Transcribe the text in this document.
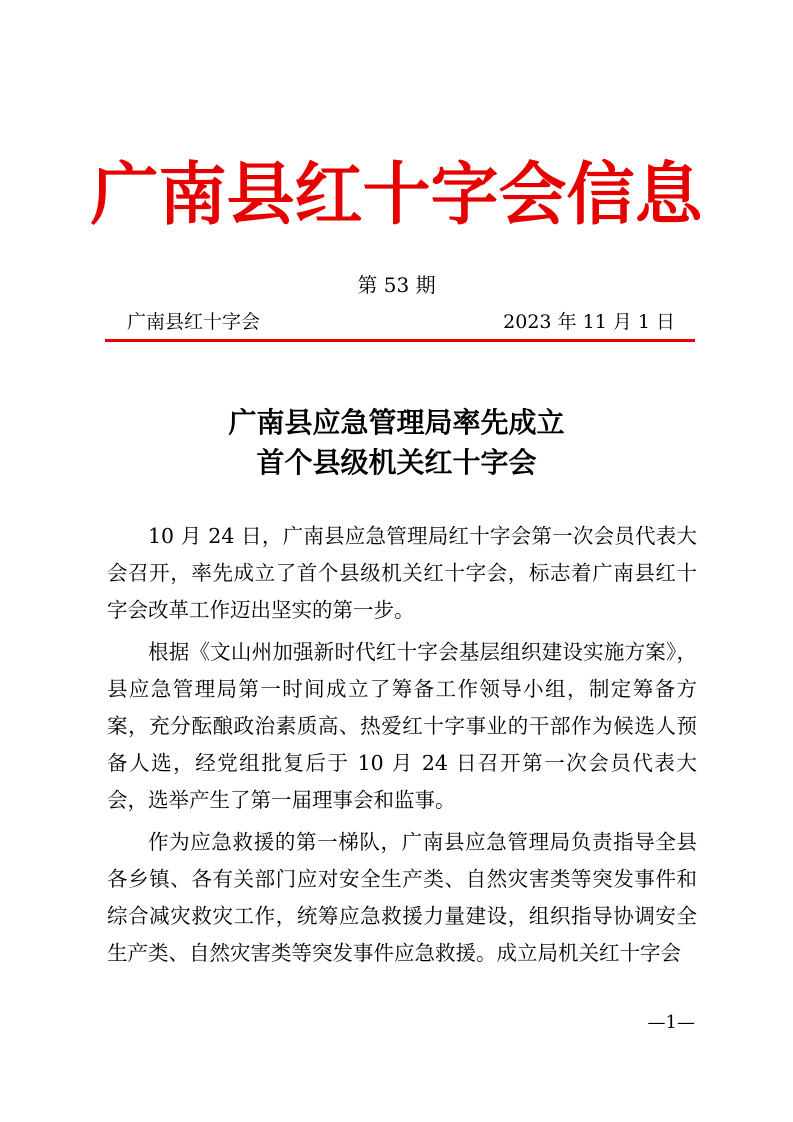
广南县红十字会信息
第 53 期
广南县红十字会	2023 年 11 月 1 日
广南县应急管理局率先成立
首个县级机关红十字会

10 月 24 日，广南县应急管理局红十字会第一次会员代表大会召开，率先成立了首个县级机关红十字会，标志着广南县红十字会改革工作迈出坚实的第一步。

根据《文山州加强新时代红十字会基层组织建设实施方案》，县应急管理局第一时间成立了筹备工作领导小组，制定筹备方案，充分酝酿政治素质高、热爱红十字事业的干部作为候选人预备人选，经党组批复后于 10 月 24 日召开第一次会员代表大会，选举产生了第一届理事会和监事。

作为应急救援的第一梯队，广南县应急管理局负责指导全县各乡镇、各有关部门应对安全生产类、自然灾害类等突发事件和综合减灾救灾工作，统筹应急救援力量建设，组织指导协调安全生产类、自然灾害类等突发事件应急救援。成立局机关红十字会

—1—
